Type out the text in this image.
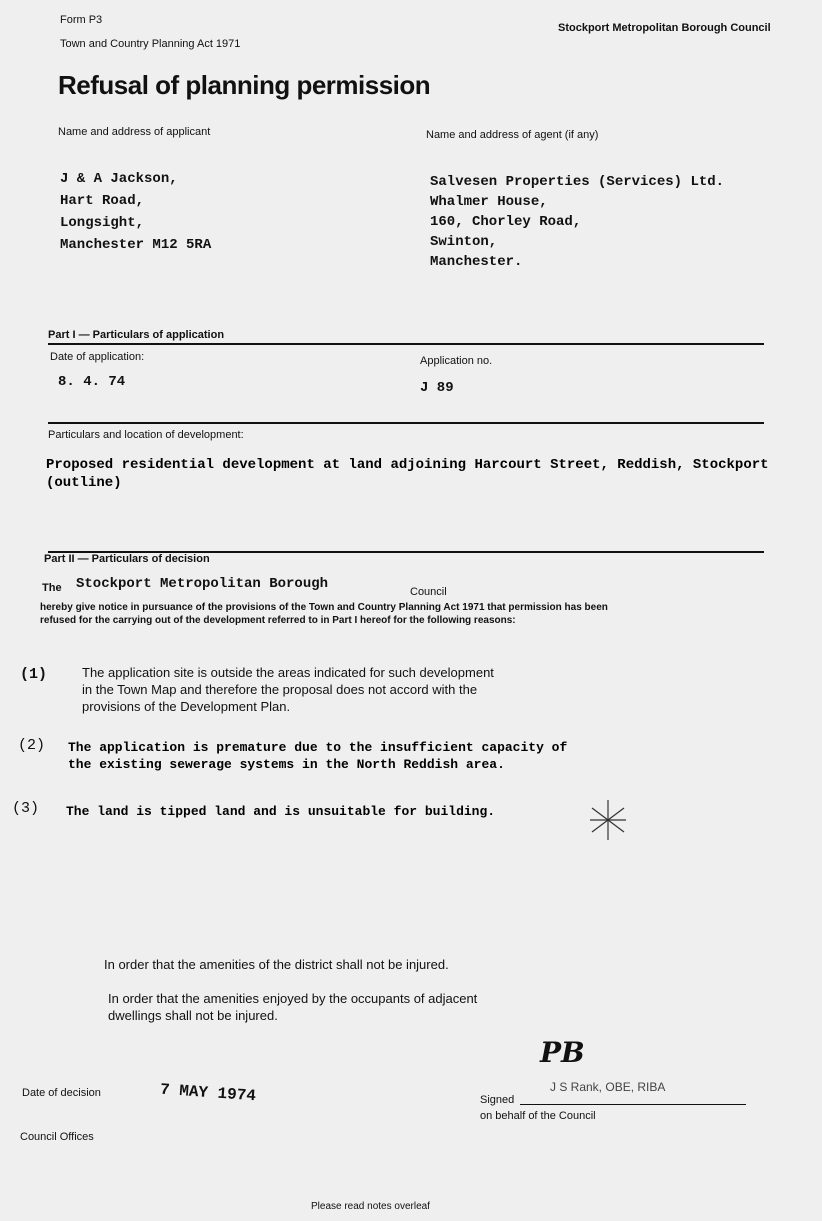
Form P3
Town and Country Planning Act 1971
Stockport Metropolitan Borough Council
Refusal of planning permission
Name and address of applicant	Name and address of agent (if any)
J & A Jackson,
Hart Road,
Longsight,
Manchester M12 5RA
Salvesen Properties (Services) Ltd.
Whalmer House,
160, Chorley Road,
Swinton,
Manchester.
Part I — Particulars of application
Date of application:	Application no.
8. 4. 74	J 89
Particulars and location of development:
Proposed residential development at land adjoining Harcourt Street, Reddish, Stockport
(outline)
Part II — Particulars of decision
The Stockport Metropolitan Borough	Council
hereby give notice in pursuance of the provisions of the Town and Country Planning Act 1971 that permission has been
refused for the carrying out of the development referred to in Part I hereof for the following reasons:
(1)	The application site is outside the areas indicated for such development
in the Town Map and therefore the proposal does not accord with the
provisions of the Development Plan.
(2) The application is premature due to the insufficient capacity of
the existing sewerage systems in the North Reddish area.
(3) The land is tipped land and is unsuitable for building.
In order that the amenities of the district shall not be injured.
In order that the amenities enjoyed by the occupants of adjacent
dwellings shall not be injured.
Date of decision	7 MAY 1974
Council Offices
PB
J S Rank, OBE, RIBA
Signed
on behalf of the Council
Please read notes overleaf
